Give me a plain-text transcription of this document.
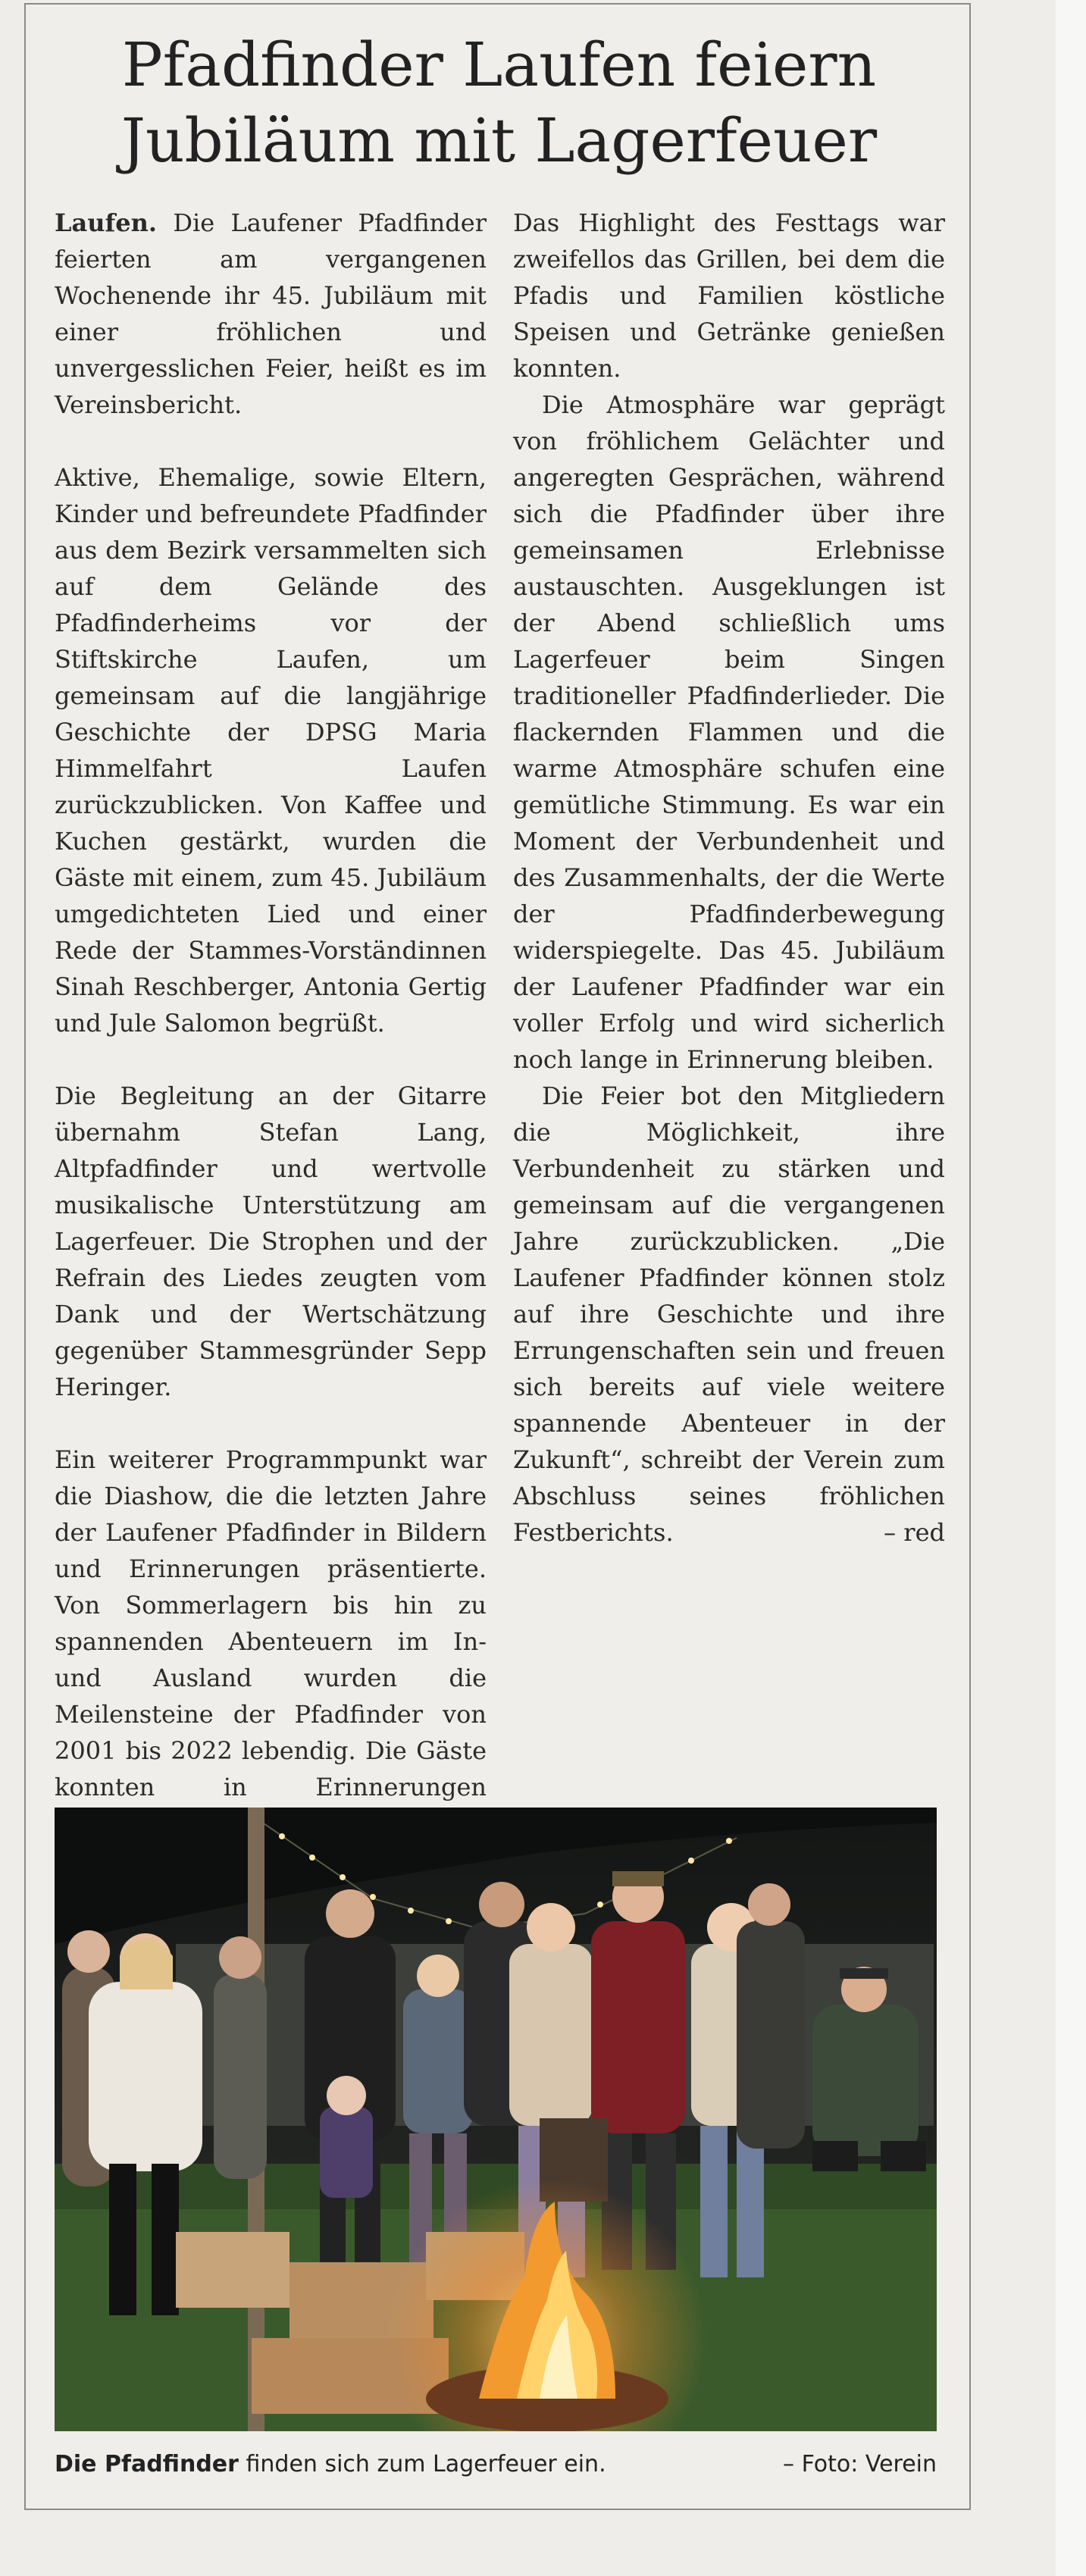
Pfadfinder Laufen feiern
Jubiläum mit Lagerfeuer

Laufen. Die Laufener Pfadfinder feierten am vergangenen Wochenende ihr 45. Jubiläum mit einer fröhlichen und unvergesslichen Feier, heißt es im Vereinsbericht.

Aktive, Ehemalige, sowie Eltern, Kinder und befreundete Pfadfinder aus dem Bezirk versammelten sich auf dem Gelände des Pfadfinderheims vor der Stiftskirche Laufen, um gemeinsam auf die langjährige Geschichte der DPSG Maria Himmelfahrt Laufen zurückzublicken. Von Kaffee und Kuchen gestärkt, wurden die Gäste mit einem, zum 45. Jubiläum umgedichteten Lied und einer Rede der Stammes-Vorständinnen Sinah Reschberger, Antonia Gertig und Jule Salomon begrüßt.

Die Begleitung an der Gitarre übernahm Stefan Lang, Altpfadfinder und wertvolle musikalische Unterstützung am Lagerfeuer. Die Strophen und der Refrain des Liedes zeugten vom Dank und der Wertschätzung gegenüber Stammesgründer Sepp Heringer.

Ein weiterer Programmpunkt war die Diashow, die die letzten Jahre der Laufener Pfadfinder in Bildern und Erinnerungen präsentierte. Von Sommerlagern bis hin zu spannenden Abenteuern im In- und Ausland wurden die Meilensteine der Pfadfinder von 2001 bis 2022 lebendig. Die Gäste konnten in Erinnerungen

Das Highlight des Festtags war zweifellos das Grillen, bei dem die Pfadis und Familien köstliche Speisen und Getränke genießen konnten.

Die Atmosphäre war geprägt von fröhlichem Gelächter und angeregten Gesprächen, während sich die Pfadfinder über ihre gemeinsamen Erlebnisse austauschten. Ausgeklungen ist der Abend schließlich ums Lagerfeuer beim Singen traditioneller Pfadfinderlieder. Die flackernden Flammen und die warme Atmosphäre schufen eine gemütliche Stimmung. Es war ein Moment der Verbundenheit und des Zusammenhalts, der die Werte der Pfadfinderbewegung widerspiegelte. Das 45. Jubiläum der Laufener Pfadfinder war ein voller Erfolg und wird sicherlich noch lange in Erinnerung bleiben.

Die Feier bot den Mitgliedern die Möglichkeit, ihre Verbundenheit zu stärken und gemeinsam auf die vergangenen Jahre zurückzublicken. „Die Laufener Pfadfinder können stolz auf ihre Geschichte und ihre Errungenschaften sein und freuen sich bereits auf viele weitere spannende Abenteuer in der Zukunft“, schreibt der Verein zum Abschluss seines fröhlichen Festberichts.	– red

Die Pfadfinder finden sich zum Lagerfeuer ein.	– Foto: Verein
